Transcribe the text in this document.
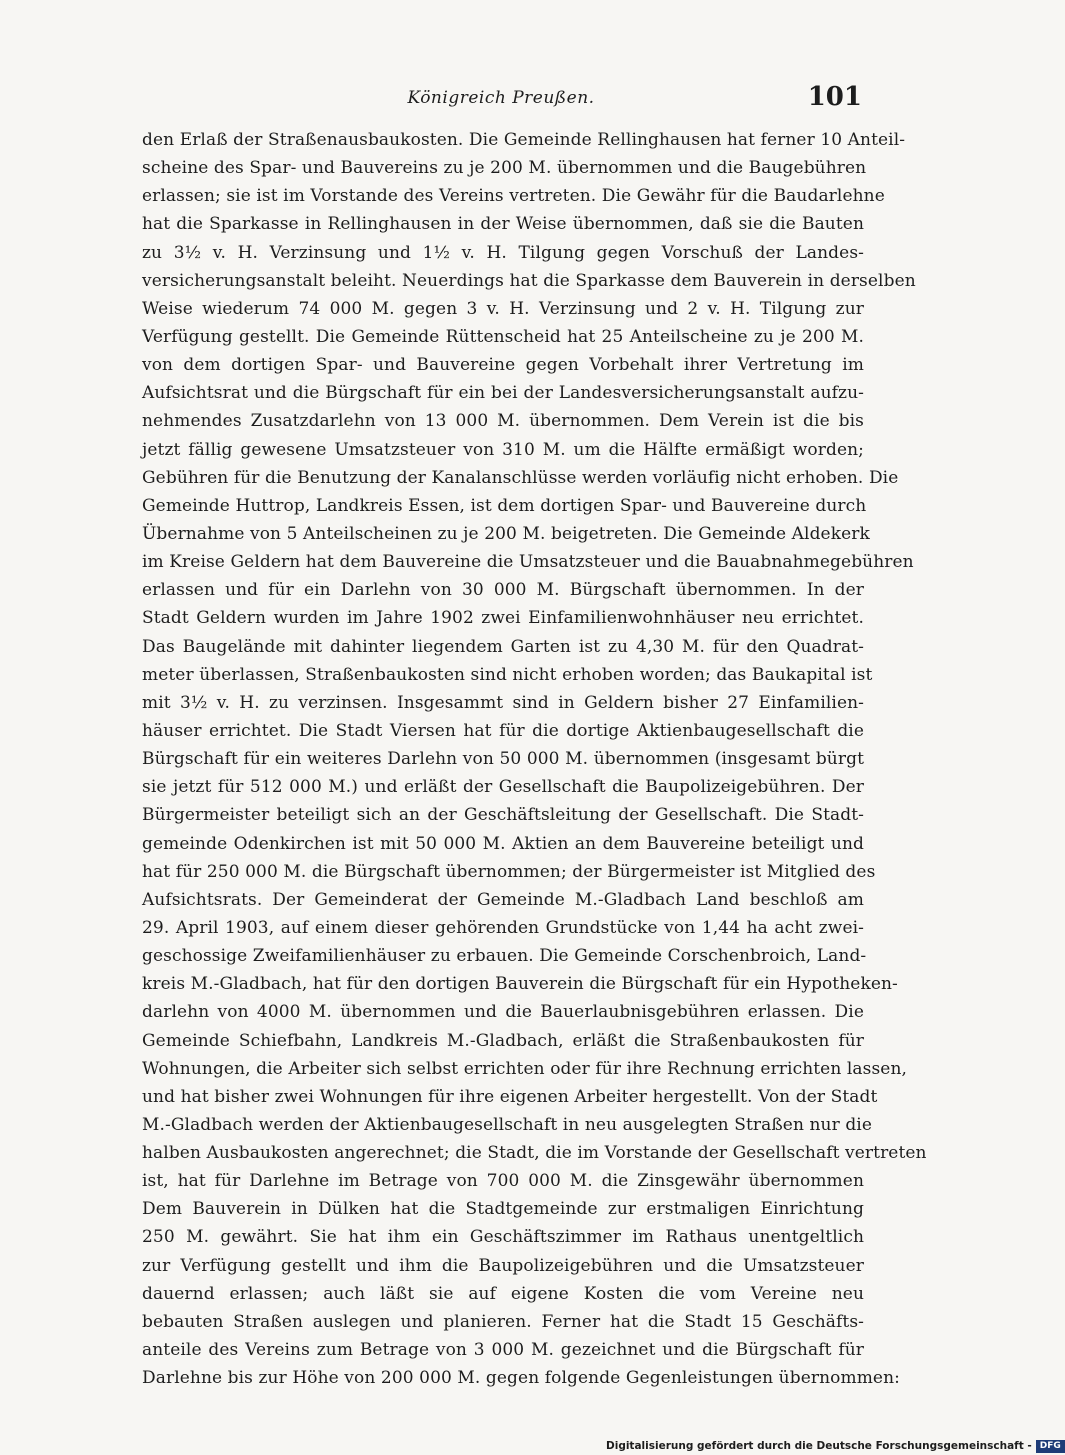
Königreich Preußen.	101
den Erlaß der Straßenausbaukosten. Die Gemeinde Rellinghausen hat ferner 10 Anteil-
scheine des Spar- und Bauvereins zu je 200 M. übernommen und die Baugebühren
erlassen; sie ist im Vorstande des Vereins vertreten. Die Gewähr für die Baudarlehne
hat die Sparkasse in Rellinghausen in der Weise übernommen, daß sie die Bauten
zu 3½ v. H. Verzinsung und 1½ v. H. Tilgung gegen Vorschuß der Landes-
versicherungsanstalt beleiht. Neuerdings hat die Sparkasse dem Bauverein in derselben
Weise wiederum 74 000 M. gegen 3 v. H. Verzinsung und 2 v. H. Tilgung zur
Verfügung gestellt. Die Gemeinde Rüttenscheid hat 25 Anteilscheine zu je 200 M.
von dem dortigen Spar- und Bauvereine gegen Vorbehalt ihrer Vertretung im
Aufsichtsrat und die Bürgschaft für ein bei der Landesversicherungsanstalt aufzu-
nehmendes Zusatzdarlehn von 13 000 M. übernommen. Dem Verein ist die bis
jetzt fällig gewesene Umsatzsteuer von 310 M. um die Hälfte ermäßigt worden;
Gebühren für die Benutzung der Kanalanschlüsse werden vorläufig nicht erhoben. Die
Gemeinde Huttrop, Landkreis Essen, ist dem dortigen Spar- und Bauvereine durch
Übernahme von 5 Anteilscheinen zu je 200 M. beigetreten. Die Gemeinde Aldekerk
im Kreise Geldern hat dem Bauvereine die Umsatzsteuer und die Bauabnahmegebühren
erlassen und für ein Darlehn von 30 000 M. Bürgschaft übernommen. In der
Stadt Geldern wurden im Jahre 1902 zwei Einfamilienwohnhäuser neu errichtet.
Das Baugelände mit dahinter liegendem Garten ist zu 4,30 M. für den Quadrat-
meter überlassen, Straßenbaukosten sind nicht erhoben worden; das Baukapital ist
mit 3½ v. H. zu verzinsen. Insgesammt sind in Geldern bisher 27 Einfamilien-
häuser errichtet. Die Stadt Viersen hat für die dortige Aktienbaugesellschaft die
Bürgschaft für ein weiteres Darlehn von 50 000 M. übernommen (insgesamt bürgt
sie jetzt für 512 000 M.) und erläßt der Gesellschaft die Baupolizeigebühren. Der
Bürgermeister beteiligt sich an der Geschäftsleitung der Gesellschaft. Die Stadt-
gemeinde Odenkirchen ist mit 50 000 M. Aktien an dem Bauvereine beteiligt und
hat für 250 000 M. die Bürgschaft übernommen; der Bürgermeister ist Mitglied des
Aufsichtsrats. Der Gemeinderat der Gemeinde M.-Gladbach Land beschloß am
29. April 1903, auf einem dieser gehörenden Grundstücke von 1,44 ha acht zwei-
geschossige Zweifamilienhäuser zu erbauen. Die Gemeinde Corschenbroich, Land-
kreis M.-Gladbach, hat für den dortigen Bauverein die Bürgschaft für ein Hypotheken-
darlehn von 4000 M. übernommen und die Bauerlaubnisgebühren erlassen. Die
Gemeinde Schiefbahn, Landkreis M.-Gladbach, erläßt die Straßenbaukosten für
Wohnungen, die Arbeiter sich selbst errichten oder für ihre Rechnung errichten lassen,
und hat bisher zwei Wohnungen für ihre eigenen Arbeiter hergestellt. Von der Stadt
M.-Gladbach werden der Aktienbaugesellschaft in neu ausgelegten Straßen nur die
halben Ausbaukosten angerechnet; die Stadt, die im Vorstande der Gesellschaft vertreten
ist, hat für Darlehne im Betrage von 700 000 M. die Zinsgewähr übernommen
Dem Bauverein in Dülken hat die Stadtgemeinde zur erstmaligen Einrichtung
250 M. gewährt. Sie hat ihm ein Geschäftszimmer im Rathaus unentgeltlich
zur Verfügung gestellt und ihm die Baupolizeigebühren und die Umsatzsteuer
dauernd erlassen; auch läßt sie auf eigene Kosten die vom Vereine neu
bebauten Straßen auslegen und planieren. Ferner hat die Stadt 15 Geschäfts-
anteile des Vereins zum Betrage von 3 000 M. gezeichnet und die Bürgschaft für
Darlehne bis zur Höhe von 200 000 M. gegen folgende Gegenleistungen übernommen:
Digitalisierung gefördert durch die Deutsche Forschungsgemeinschaft - DFG
